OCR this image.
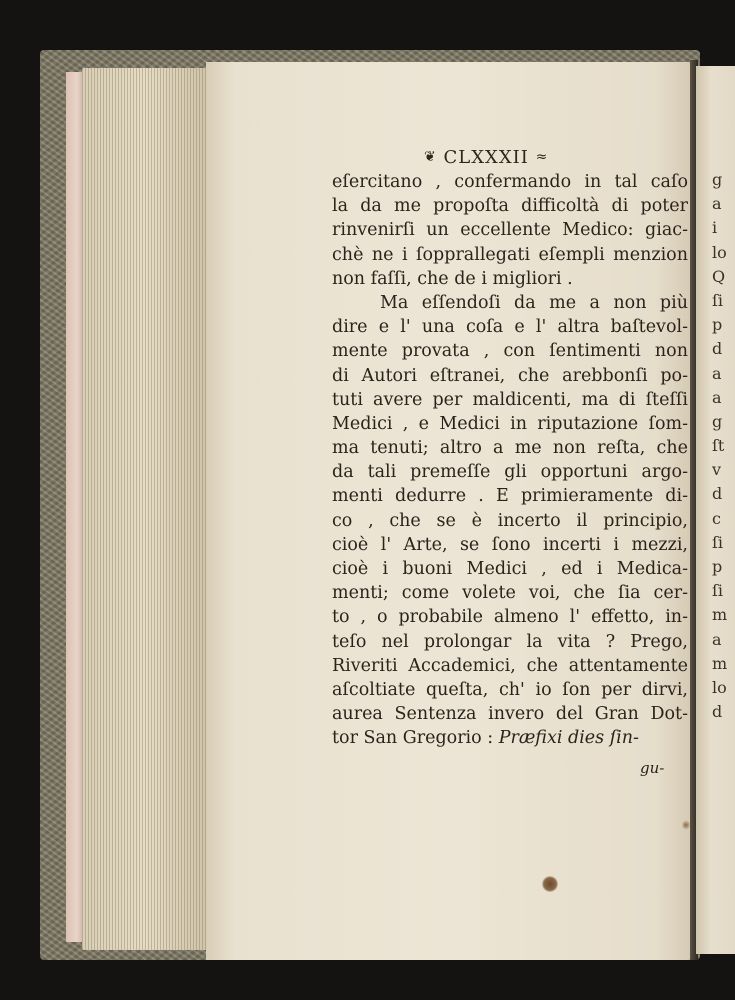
g
a
i
lo
Q
ſi
p
d
a
a
g
ſt
v
d
c
ſi
p
ſi
m
a
m
lo
d
❦ CLXXXII ≈
eſercitano , confermando in tal caſo
la da me propoſta difficoltà di poter
rinvenirſi un eccellente Medico: giac-
chè ne i ſopprallegati eſempli menzion
non faſſi, che de i migliori .
Ma eſſendoſi da me a non più
dire e l' una coſa e l' altra baſtevol-
mente provata , con ſentimenti non
di Autori eſtranei, che arebbonſi po-
tuti avere per maldicenti, ma di ſteſſi
Medici , e Medici in riputazione ſom-
ma tenuti; altro a me non reſta, che
da tali premeſſe gli opportuni argo-
menti dedurre . E primieramente di-
co , che se è incerto il principio,
cioè l' Arte, se ſono incerti i mezzi,
cioè i buoni Medici , ed i Medica-
menti; come volete voi, che ſia cer-
to , o probabile almeno l' effetto, in-
teſo nel prolongar la vita ? Prego,
Riveriti Accademici, che attentamente
aſcoltiate queſta, ch' io ſon per dirvi,
aurea Sentenza invero del Gran Dot-
tor San Gregorio : Præfixi dies ſin-
gu-
